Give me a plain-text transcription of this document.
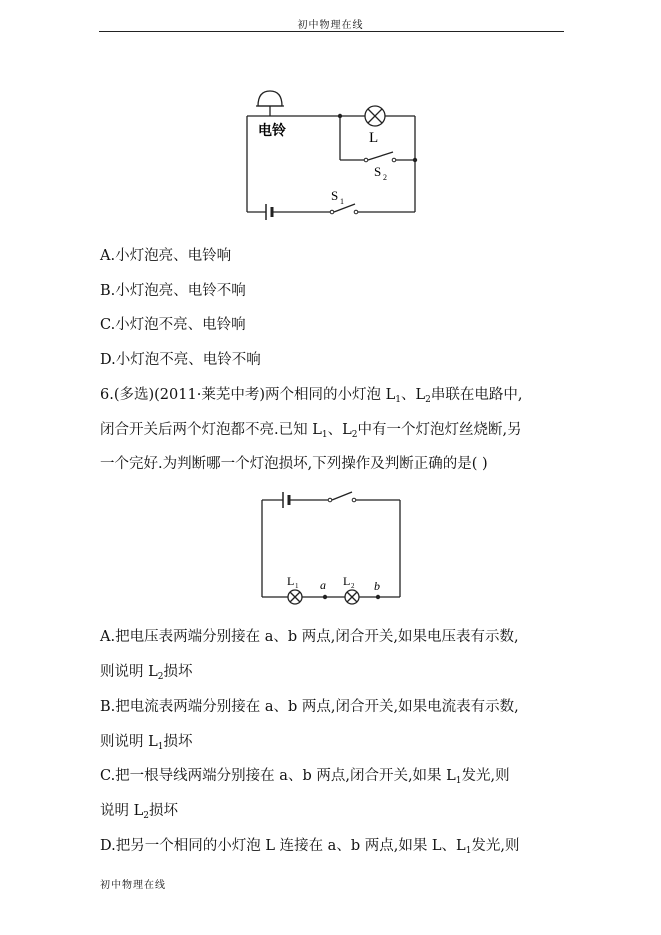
初中物理在线
电铃	L
S 2
S 1
A.小灯泡亮、电铃响
B.小灯泡亮、电铃不响
C.小灯泡不亮、电铃响
D.小灯泡不亮、电铃不响
6.(多选)(2011·莱芜中考)两个相同的小灯泡 $L_1$、$L_2$串联在电路中,
闭合开关后两个灯泡都不亮.已知 $L_1$、$L_2$中有一个灯泡灯丝烧断,另
一个完好.为判断哪一个灯泡损坏,下列操作及判断正确的是( )
L 1	L 2
a	b
A.把电压表两端分别接在 a、b 两点,闭合开关,如果电压表有示数,
则说明 $L_2$损坏
B.把电流表两端分别接在 a、b 两点,闭合开关,如果电流表有示数,
则说明 $L_1$损坏
C.把一根导线两端分别接在 a、b 两点,闭合开关,如果 $L_1$发光,则
说明 $L_2$损坏
D.把另一个相同的小灯泡 L 连接在 a、b 两点,如果 L、$L_1$发光,则
初中物理在线
